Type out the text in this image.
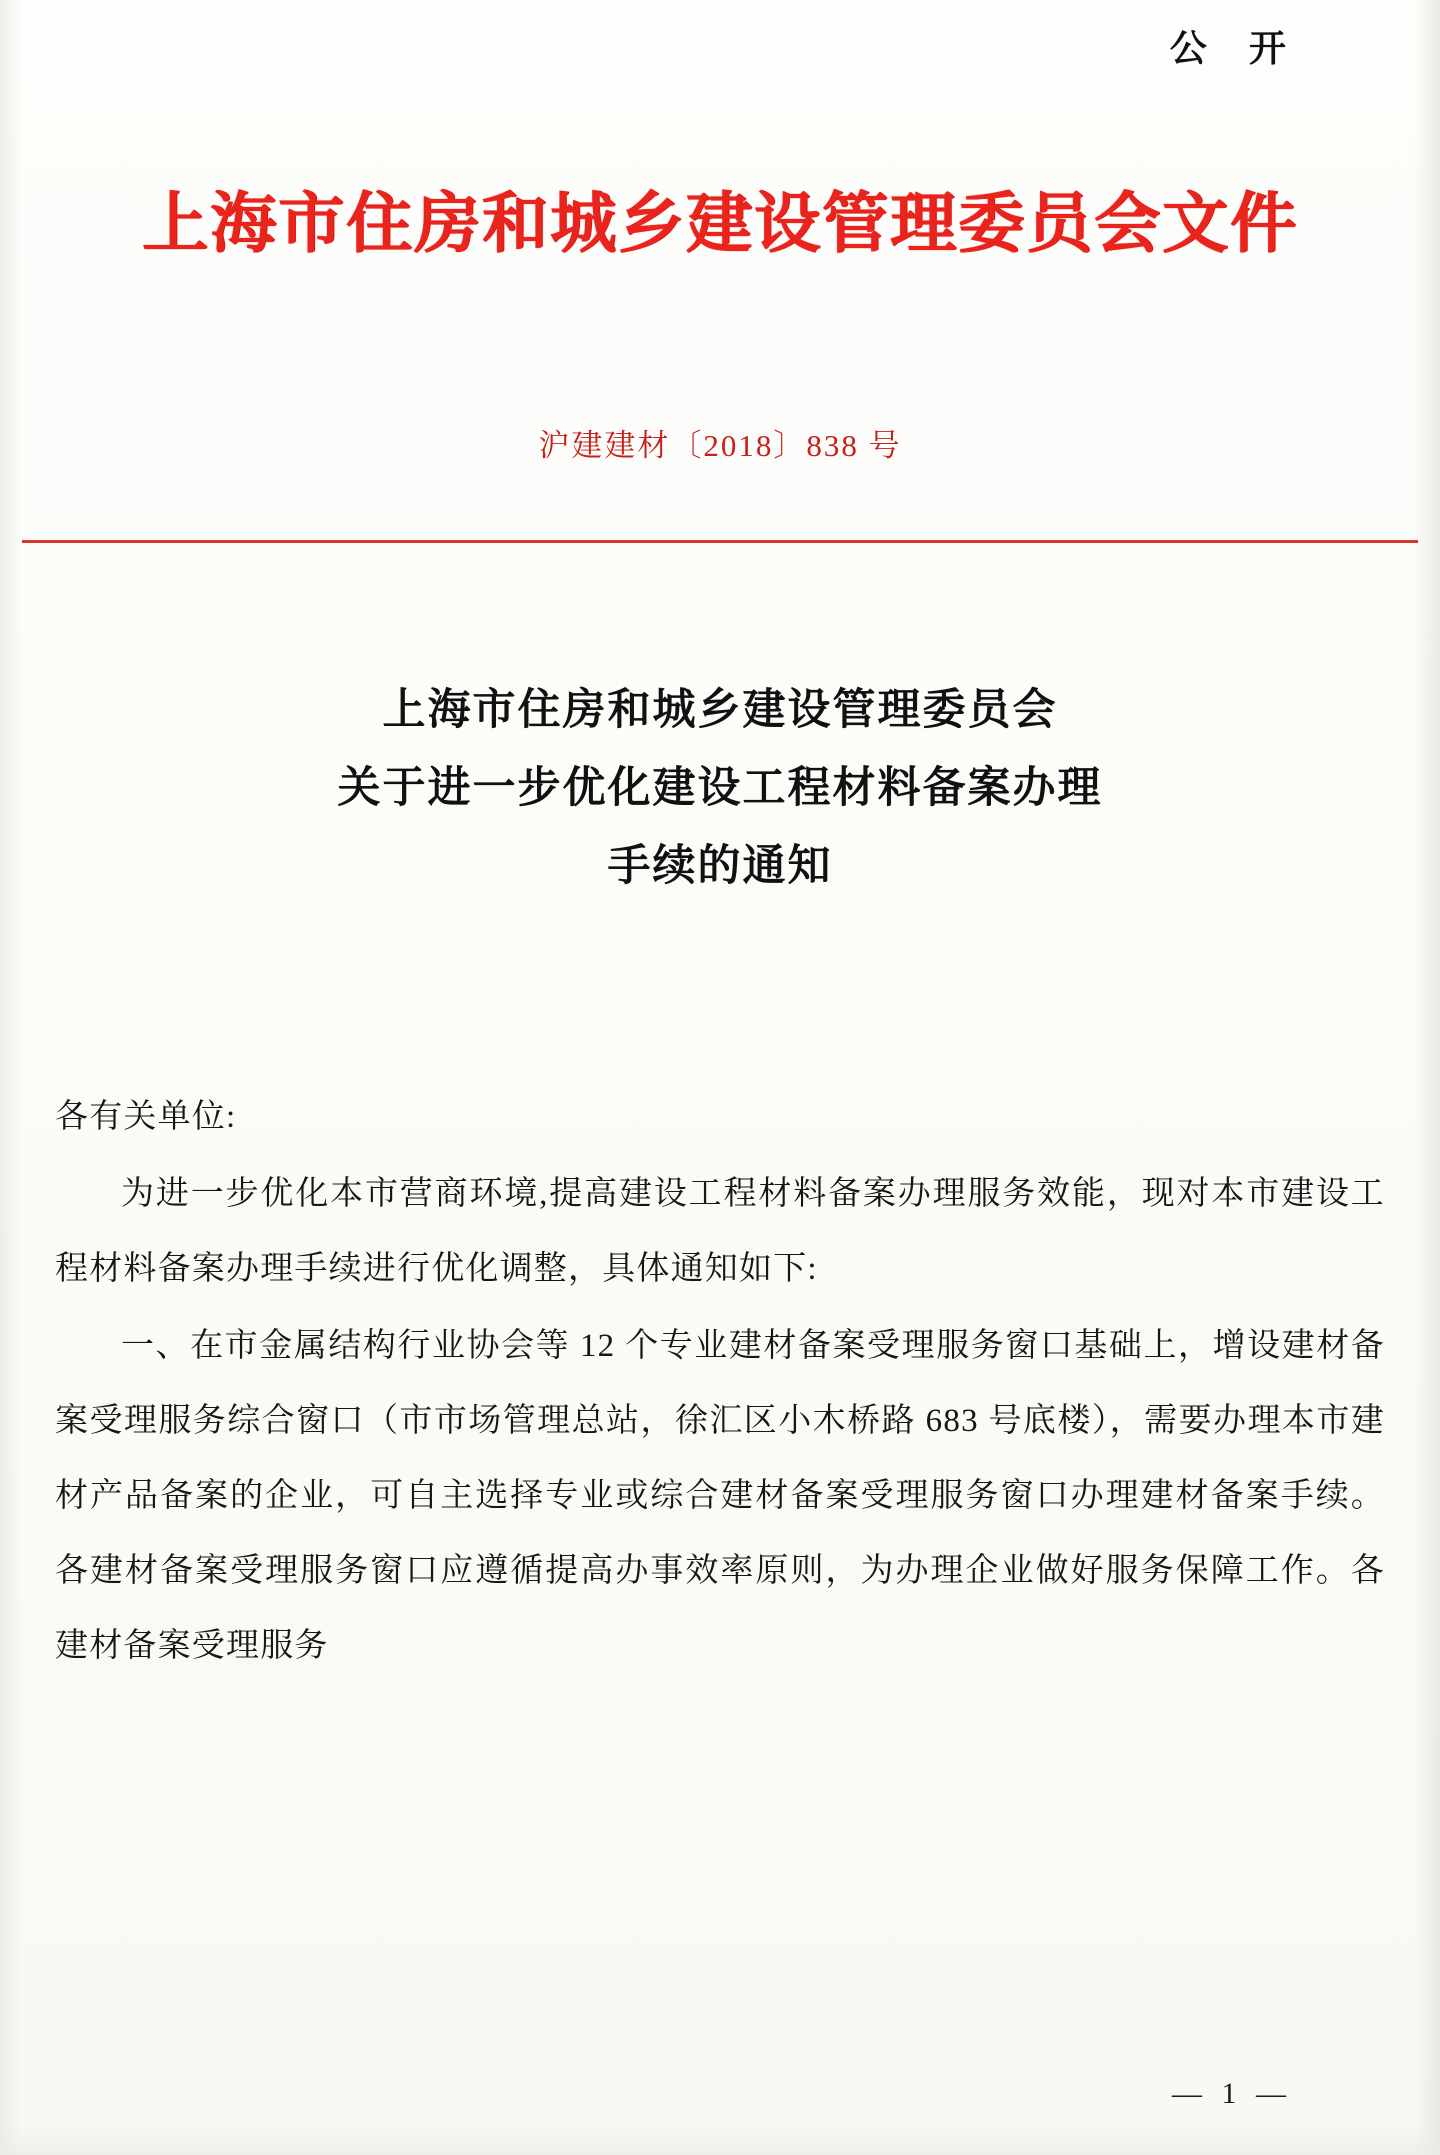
公 开
上海市住房和城乡建设管理委员会文件
沪建建材〔2018〕838 号
上海市住房和城乡建设管理委员会
关于进一步优化建设工程材料备案办理
手续的通知
各有关单位:
为进一步优化本市营商环境,提高建设工程材料备案办理服务效能，现对本市建设工程材料备案办理手续进行优化调整，具体通知如下:
一、在市金属结构行业协会等 12 个专业建材备案受理服务窗口基础上，增设建材备案受理服务综合窗口（市市场管理总站，徐汇区小木桥路 683 号底楼），需要办理本市建材产品备案的企业，可自主选择专业或综合建材备案受理服务窗口办理建材备案手续。各建材备案受理服务窗口应遵循提高办事效率原则，为办理企业做好服务保障工作。各建材备案受理服务
— 1 —
